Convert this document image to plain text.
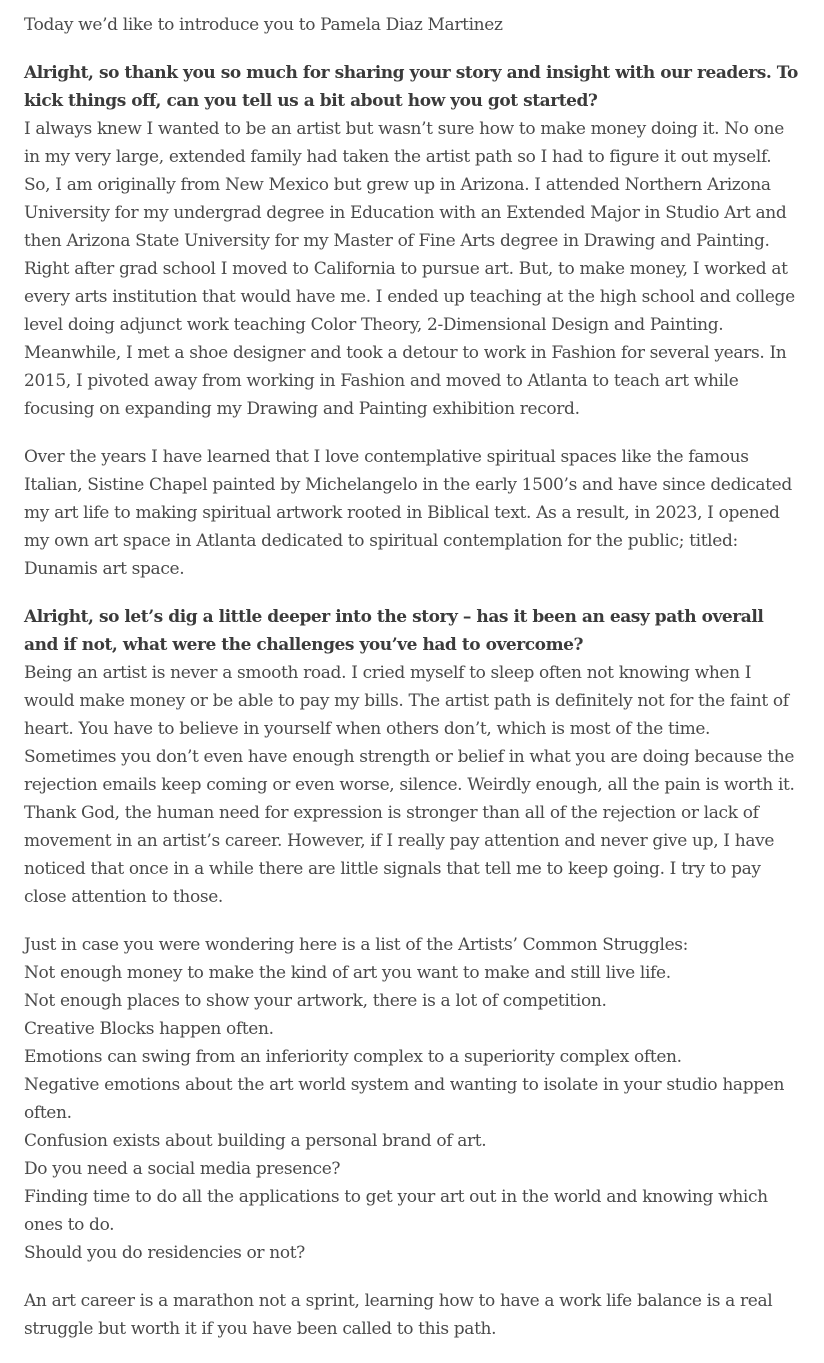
Today we’d like to introduce you to Pamela Diaz Martinez

Alright, so thank you so much for sharing your story and insight with our readers. To kick things off, can you tell us a bit about how you got started?

I always knew I wanted to be an artist but wasn’t sure how to make money doing it. No one in my very large, extended family had taken the artist path so I had to figure it out myself. So, I am originally from New Mexico but grew up in Arizona. I attended Northern Arizona University for my undergrad degree in Education with an Extended Major in Studio Art and then Arizona State University for my Master of Fine Arts degree in Drawing and Painting. Right after grad school I moved to California to pursue art. But, to make money, I worked at every arts institution that would have me. I ended up teaching at the high school and college level doing adjunct work teaching Color Theory, 2-Dimensional Design and Painting. Meanwhile, I met a shoe designer and took a detour to work in Fashion for several years. In 2015, I pivoted away from working in Fashion and moved to Atlanta to teach art while focusing on expanding my Drawing and Painting exhibition record.

Over the years I have learned that I love contemplative spiritual spaces like the famous Italian, Sistine Chapel painted by Michelangelo in the early 1500’s and have since dedicated my art life to making spiritual artwork rooted in Biblical text. As a result, in 2023, I opened my own art space in Atlanta dedicated to spiritual contemplation for the public; titled: Dunamis art space.

Alright, so let’s dig a little deeper into the story – has it been an easy path overall and if not, what were the challenges you’ve had to overcome?

Being an artist is never a smooth road. I cried myself to sleep often not knowing when I would make money or be able to pay my bills. The artist path is definitely not for the faint of heart. You have to believe in yourself when others don’t, which is most of the time. Sometimes you don’t even have enough strength or belief in what you are doing because the rejection emails keep coming or even worse, silence. Weirdly enough, all the pain is worth it. Thank God, the human need for expression is stronger than all of the rejection or lack of movement in an artist’s career. However, if I really pay attention and never give up, I have noticed that once in a while there are little signals that tell me to keep going. I try to pay close attention to those.

Just in case you were wondering here is a list of the Artists’ Common Struggles:
Not enough money to make the kind of art you want to make and still live life.
Not enough places to show your artwork, there is a lot of competition.
Creative Blocks happen often.
Emotions can swing from an inferiority complex to a superiority complex often.
Negative emotions about the art world system and wanting to isolate in your studio happen often.
Confusion exists about building a personal brand of art.
Do you need a social media presence?
Finding time to do all the applications to get your art out in the world and knowing which ones to do.
Should you do residencies or not?

An art career is a marathon not a sprint, learning how to have a work life balance is a real struggle but worth it if you have been called to this path.
